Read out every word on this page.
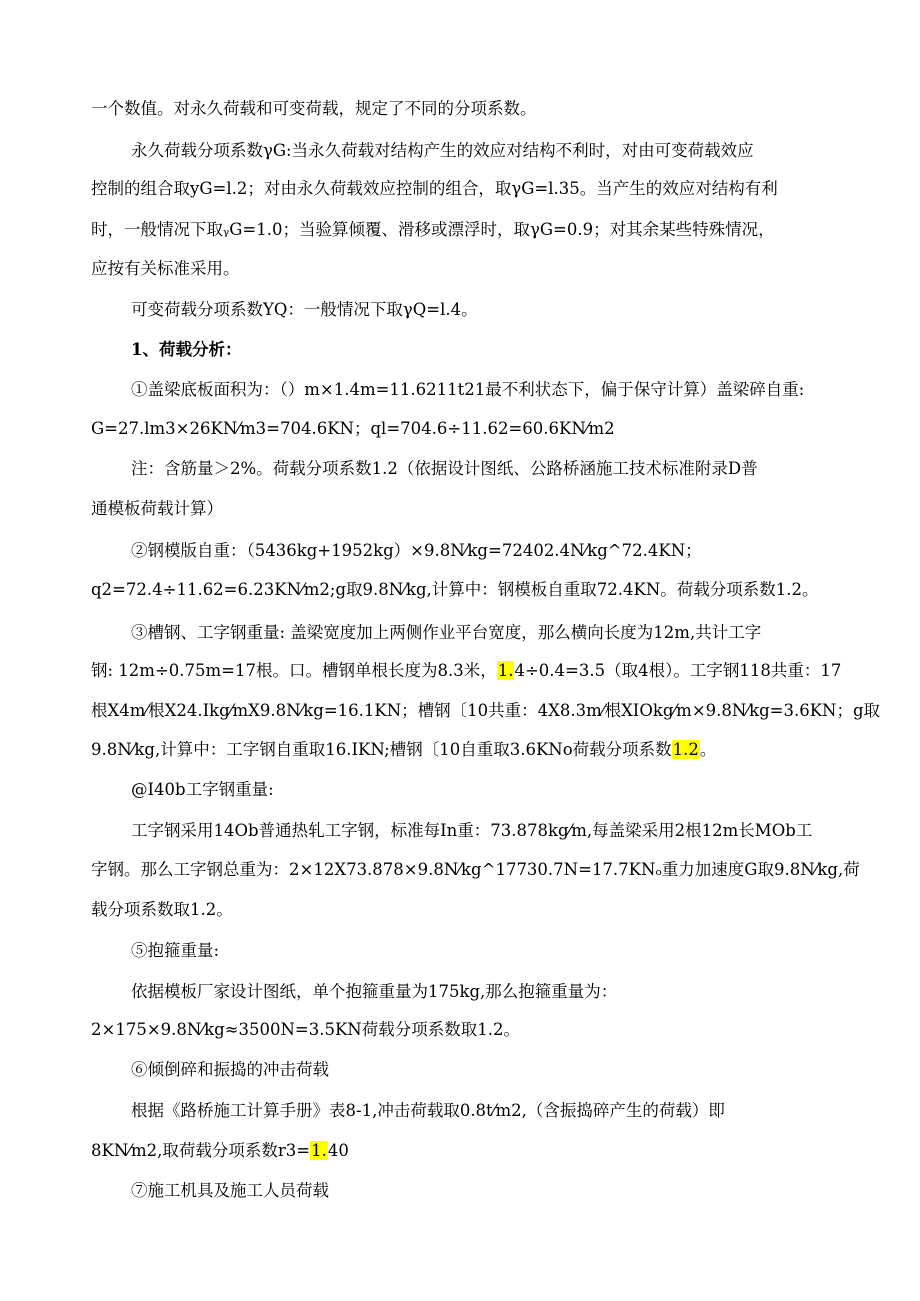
一个数值。对永久荷载和可变荷载，规定了不同的分项系数。
永久荷载分项系数γG:当永久荷载对结构产生的效应对结构不利时，对由可变荷载效应
控制的组合取yG=l.2；对由永久荷载效应控制的组合，取γG=l.35。当产生的效应对结构有利
时，一般情况下取ᵧG=1.0；当验算倾覆、滑移或漂浮时，取γG=0.9；对其余某些特殊情况，
应按有关标准采用。
可变荷载分项系数YQ：一般情况下取γQ=l.4。
1、荷载分析：
①盖梁底板面积为：（）m×1.4m=11.6211t21最不利状态下，偏于保守计算）盖梁碎自重:
G=27.lm3×26KN⁄m3=704.6KN；ql=704.6÷11.62=60.6KN⁄m2
注：含筋量＞2%。荷载分项系数1.2（依据设计图纸、公路桥涵施工技术标准附录D普
通模板荷载计算）
②钢模版自重：（5436kg+1952kg）×9.8N⁄kg=72402.4N⁄kg^72.4KN；
q2=72.4÷11.62=6.23KN⁄m2;g取9.8N⁄kg,计算中：钢模板自重取72.4KN。荷载分项系数1.2。
③槽钢、工字钢重量: 盖梁宽度加上两侧作业平台宽度，那么横向长度为12m,共计工字
钢: 12m÷0.75m=17根。口。槽钢单根长度为8.3米，1.4÷0.4=3.5（取4根）。工字钢118共重：17
根X4m⁄根X24.Ikg⁄mX9.8N⁄kg=16.1KN；槽钢〔10共重：4X8.3m⁄根XIOkg⁄m×9.8N⁄kg=3.6KN；g取
9.8N⁄kg,计算中：工字钢自重取16.IKN;槽钢〔10自重取3.6KNo荷载分项系数1.2。
@I40b工字钢重量:
工字钢采用14Ob普通热轧工字钢，标准每In重：73.878kg⁄m,每盖梁采用2根12m长MOb工
字钢。那么工字钢总重为：2×12X73.878×9.8N⁄kg^17730.7N=17.7KNₒ重力加速度G取9.8N⁄kg,荷
载分项系数取1.2。
⑤抱箍重量:
依据模板厂家设计图纸，单个抱箍重量为175kg,那么抱箍重量为：
2×175×9.8N⁄kg≈3500N=3.5KN荷载分项系数取1.2。
⑥倾倒碎和振捣的冲击荷载
根据《路桥施工计算手册》表8-1,冲击荷载取0.8t⁄m2,（含振捣碎产生的荷载）即
8KN⁄m2,取荷载分项系数r3=1.40
⑦施工机具及施工人员荷载
